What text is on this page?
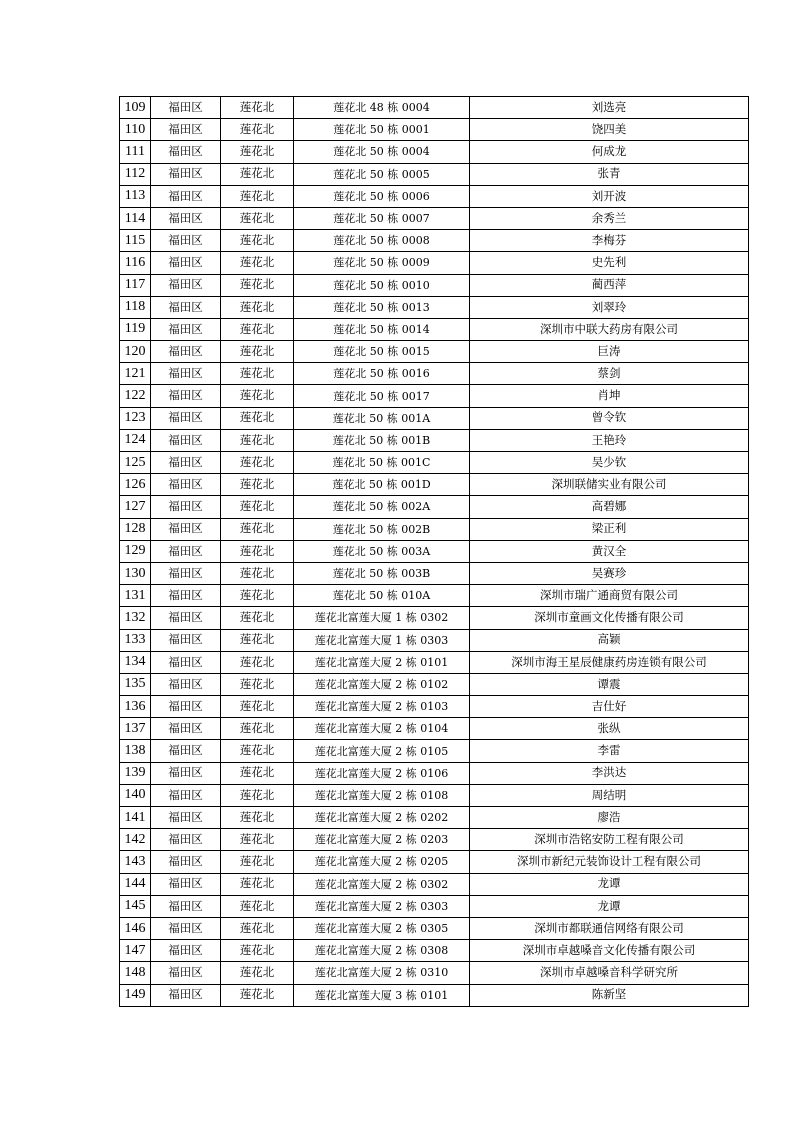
109	福田区	莲花北	莲花北 48 栋 0004	刘选亮
110	福田区	莲花北	莲花北 50 栋 0001	饶四美
111	福田区	莲花北	莲花北 50 栋 0004	何成龙
112	福田区	莲花北	莲花北 50 栋 0005	张青
113	福田区	莲花北	莲花北 50 栋 0006	刘开波
114	福田区	莲花北	莲花北 50 栋 0007	余秀兰
115	福田区	莲花北	莲花北 50 栋 0008	李梅芬
116	福田区	莲花北	莲花北 50 栋 0009	史先利
117	福田区	莲花北	莲花北 50 栋 0010	蔺西萍
118	福田区	莲花北	莲花北 50 栋 0013	刘翠玲
119	福田区	莲花北	莲花北 50 栋 0014	深圳市中联大药房有限公司
120	福田区	莲花北	莲花北 50 栋 0015	巨涛
121	福田区	莲花北	莲花北 50 栋 0016	蔡剑
122	福田区	莲花北	莲花北 50 栋 0017	肖坤
123	福田区	莲花北	莲花北 50 栋 001A	曾令钦
124	福田区	莲花北	莲花北 50 栋 001B	王艳玲
125	福田区	莲花北	莲花北 50 栋 001C	吴少钦
126	福田区	莲花北	莲花北 50 栋 001D	深圳联储实业有限公司
127	福田区	莲花北	莲花北 50 栋 002A	高碧娜
128	福田区	莲花北	莲花北 50 栋 002B	梁正利
129	福田区	莲花北	莲花北 50 栋 003A	黄汉全
130	福田区	莲花北	莲花北 50 栋 003B	吴赛珍
131	福田区	莲花北	莲花北 50 栋 010A	深圳市瑞广通商贸有限公司
132	福田区	莲花北	莲花北富莲大厦 1 栋 0302	深圳市童画文化传播有限公司
133	福田区	莲花北	莲花北富莲大厦 1 栋 0303	高颖
134	福田区	莲花北	莲花北富莲大厦 2 栋 0101	深圳市海王星辰健康药房连锁有限公司
135	福田区	莲花北	莲花北富莲大厦 2 栋 0102	谭震
136	福田区	莲花北	莲花北富莲大厦 2 栋 0103	吉仕好
137	福田区	莲花北	莲花北富莲大厦 2 栋 0104	张纵
138	福田区	莲花北	莲花北富莲大厦 2 栋 0105	李雷
139	福田区	莲花北	莲花北富莲大厦 2 栋 0106	李洪达
140	福田区	莲花北	莲花北富莲大厦 2 栋 0108	周结明
141	福田区	莲花北	莲花北富莲大厦 2 栋 0202	廖浩
142	福田区	莲花北	莲花北富莲大厦 2 栋 0203	深圳市浩铭安防工程有限公司
143	福田区	莲花北	莲花北富莲大厦 2 栋 0205	深圳市新纪元装饰设计工程有限公司
144	福田区	莲花北	莲花北富莲大厦 2 栋 0302	龙谭
145	福田区	莲花北	莲花北富莲大厦 2 栋 0303	龙谭
146	福田区	莲花北	莲花北富莲大厦 2 栋 0305	深圳市都联通信网络有限公司
147	福田区	莲花北	莲花北富莲大厦 2 栋 0308	深圳市卓越嗓音文化传播有限公司
148	福田区	莲花北	莲花北富莲大厦 2 栋 0310	深圳市卓越嗓音科学研究所
149	福田区	莲花北	莲花北富莲大厦 3 栋 0101	陈新坚
